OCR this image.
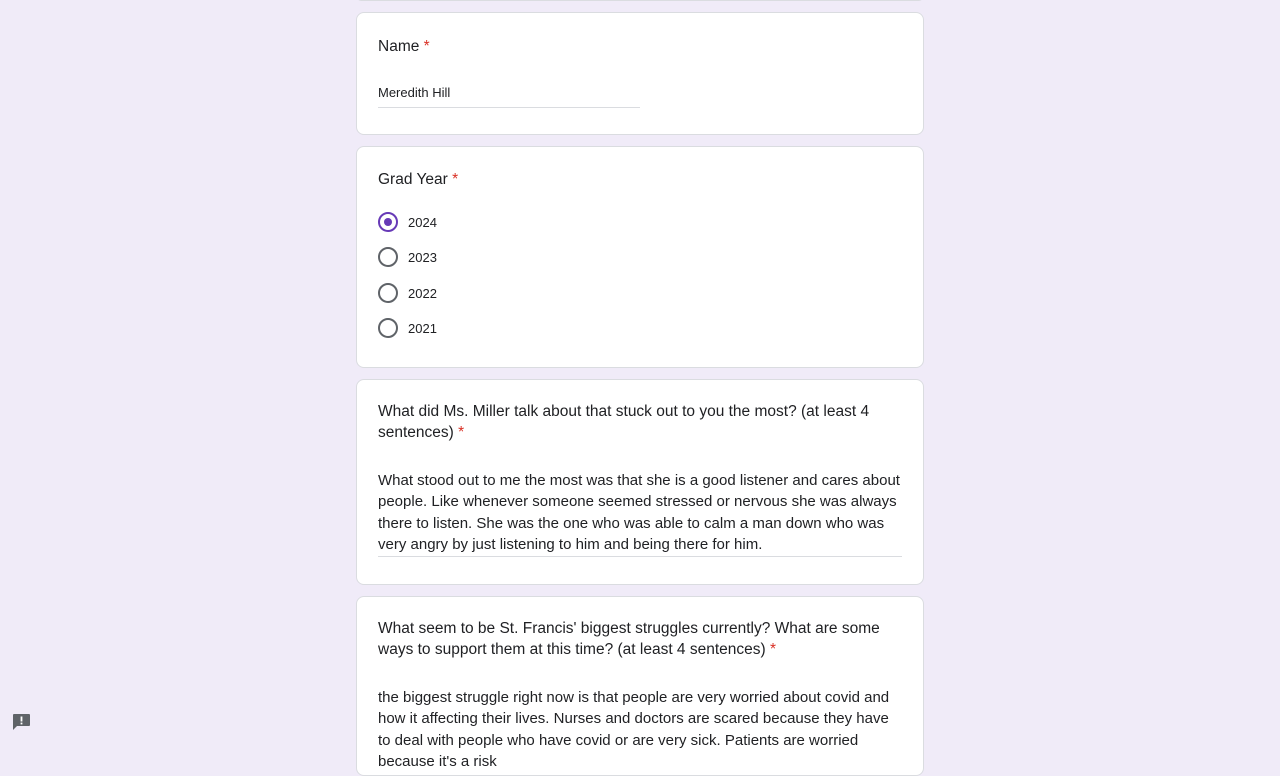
Name *
Meredith Hill
Grad Year *
2024
2023
2022
2021
What did Ms. Miller talk about that stuck out to you the most? (at least 4 sentences) *
What stood out to me the most was that she is a good listener and cares about people. Like whenever someone seemed stressed or nervous she was always there to listen. She was the one who was able to calm a man down who was very angry by just listening to him and being there for him.
What seem to be St. Francis' biggest struggles currently? What are some ways to support them at this time? (at least 4 sentences) *
the biggest struggle right now is that people are very worried about covid and how it affecting their lives. Nurses and doctors are scared because they have to deal with people who have covid or are very sick. Patients are worried because it's a risk
